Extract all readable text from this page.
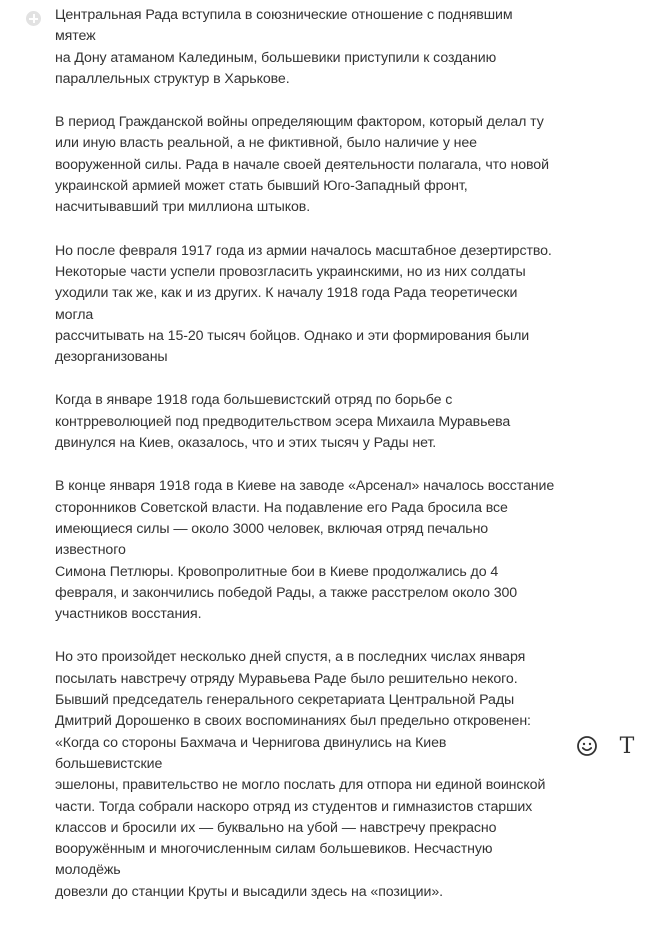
Центральная Рада вступила в союзнические отношение с поднявшим мятеж
на Дону атаманом Калединым, большевики приступили к созданию
параллельных структур в Харькове.

В период Гражданской войны определяющим фактором, который делал ту
или иную власть реальной, а не фиктивной, было наличие у нее
вооруженной силы. Рада в начале своей деятельности полагала, что новой
украинской армией может стать бывший Юго-Западный фронт,
насчитывавший три миллиона штыков.

Но после февраля 1917 года из армии началось масштабное дезертирство.
Некоторые части успели провозгласить украинскими, но из них солдаты
уходили так же, как и из других. К началу 1918 года Рада теоретически могла
рассчитывать на 15-20 тысяч бойцов. Однако и эти формирования были
дезорганизованы

Когда в январе 1918 года большевистский отряд по борьбе с
контрреволюцией под предводительством эсера Михаила Муравьева
двинулся на Киев, оказалось, что и этих тысяч у Рады нет.

В конце января 1918 года в Киеве на заводе «Арсенал» началось восстание
сторонников Советской власти. На подавление его Рада бросила все
имеющиеся силы — около 3000 человек, включая отряд печально известного
Симона Петлюры. Кровопролитные бои в Киеве продолжались до 4
февраля, и закончились победой Рады, а также расстрелом около 300
участников восстания.

Но это произойдет несколько дней спустя, а в последних числах января
посылать навстречу отряду Муравьева Раде было решительно некого.
Бывший председатель генерального секретариата Центральной Рады
Дмитрий Дорошенко в своих воспоминаниях был предельно откровенен:
«Когда со стороны Бахмача и Чернигова двинулись на Киев большевистские
эшелоны, правительство не могло послать для отпора ни единой воинской
части. Тогда собрали наскоро отряд из студентов и гимназистов старших
классов и бросили их — буквально на убой — навстречу прекрасно
вооружённым и многочисленным силам большевиков. Несчастную молодёжь
довезли до станции Круты и высадили здесь на «позиции».

T
